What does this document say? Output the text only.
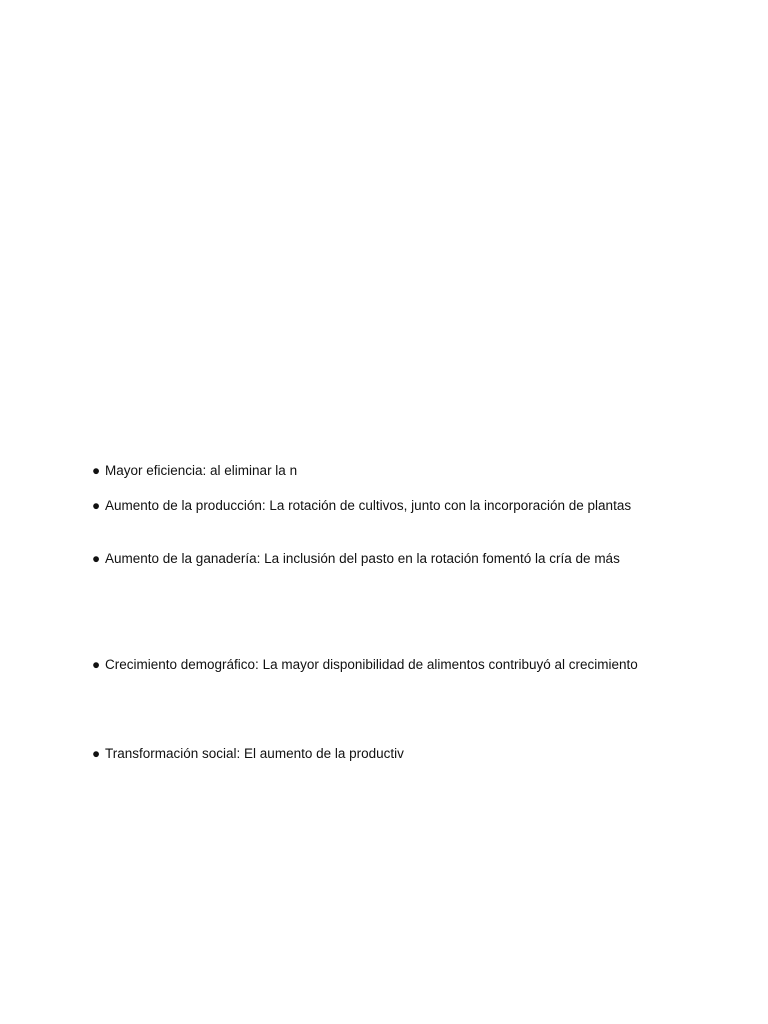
● Mayor eficiencia: al eliminar la n
● Aumento de la producción: La rotación de cultivos, junto con la incorporación de plantas
● Aumento de la ganadería: La inclusión del pasto en la rotación fomentó la cría de más
● Crecimiento demográfico: La mayor disponibilidad de alimentos contribuyó al crecimiento
● Transformación social: El aumento de la productiv
